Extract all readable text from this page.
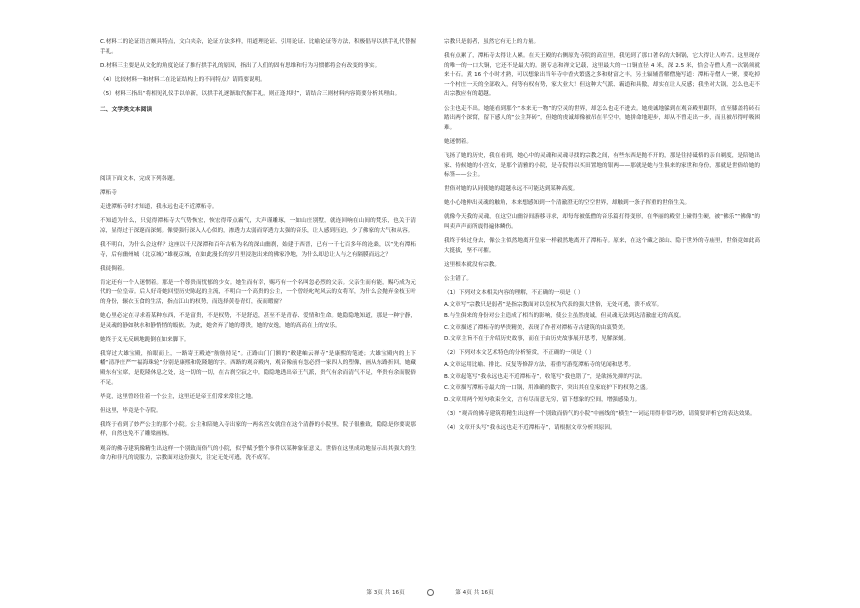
C.材料二的论证语言颇具特点，文白夹杂，论证方法多样，用道理论证、引用论证、比喻论证等方法，积极倡导以拱手礼代替握手礼。

D.材料三主要是从文化的角度论证了推行拱手礼的原因，指出了人们的固有思维和行为习惯都将会有改变的事实。

（4）比较材料一和材料二在论证结构上的不同特点？请简要说明。

（5）材料三指出“将相见礼仪手以单新，以拱手礼逐渐取代握手礼，则正逢其时”，请结合三则材料内容简要分析其理由。

二、文学类文本阅读

阅读下面文本，完成下列各题。

潭柘寺

走进潭柘寺时才知道，我永远也走不近潭柘寺。

不知道为什么，只觉得潭柘寺大气势恢宏，恢宏得带点霸气，大声谨雕琢，一如山庄别墅，就连回响在山间的梵乐，也关于清凉，显得过于深邃而深刻。像要强行深入人心似的，渗透力太弱而穿透力太强的音乐，让人感到压迫，少了佛家的大气和从容。

我不明白，为什么会这样？这座以千尺深潭和百年古柘为名的深山幽刹，始建于西晋，已有一千七百多年的沧桑，以“先有潭柘寺，后有幽州城（北京城）”雄视京城，在如此漫长的岁月里浸泡出来的佛家净地，为什么却总让人与之有隔膜而远之？

我徒倜着。

肯定还有一个人迷惘着。那是一个尊贵而忧郁的少女。她生而有幸，赐巧有一个名叫忽必烈的父亲。父亲生而有能，赐巧成为元代的一位皇帝。后人好奇她回望历史陈起的主流，不明白一个高贵的公主，一个曾经叱咤风云的女将军，为什么会抛弃金枝玉叶的身份，辗衣玉食的生活，指点江山的权势，而选择黄卷青灯，夜而暇窗？

她心里必定在寻求着某种东西，不是富贵，不是权势，不是舒适，甚至不是青春、爱情和生命。她隐隐地知道，那是一种宁静，是灵魂的静如秋水和静悄悄的皈依。为此，她舍弃了她的尊贵，她的安逸，她的高高在上的安乐。

她终于义无反顾地跪倒在如来脚下。

我穿过大雄宝殿，抬眼而上，一路寄王殿迹“舫舫持足”。正路山门门额的“敕建岫云禅寺”是康熙的笔迹；大雄宝殿内的上下幡“清净庄严”“福海珠轮”分别是康熙和乾隆题的字。西路的观音殿内，观音像前有忽必烈一家四人的塑像，画从东路折回，她藏殿东有宝席，是乾隆休息之处，这一切的一切，在古刹空寂之中，隐隐地透出帝王气派，贵气有余而清气不足，华贵有余而脱俗不足。

毕竟，这里曾经住着一个公主，这里还是帝王们常来常往之地。

但这里，毕竟是个寺院。

我终于看到了妙严公主的那个小院。公主和陪她入寺出家的一两名宫女就住在这个清静的小院里，院子很雅致，隐隐是你要说那样，自然也免不了雕梁画栋。

观音的佛寺建筑像精生出这样一个别致而俗气的小院，似乎赋予整个事件以某种象征意义。世俗在这里成功地显示出其强大的生命力和非凡的说服力，宗教面对这份强大，注定无处可逃，洗不成军。

宗教只是弱者，虽然它有无上的力量。

我有点累了，潭柘寺太得让人累。在天王殿的右侧原先寺院的高宣里，我见到了那口著名的大铜锅，它大得让人咋舌。这里现存的唯一的一口大铜，它还不是最大的。据专志和禅文记载，这里最大的一口铜直径 4 米，深 2.5 米，恰会寺僧人煮一次锅须就来十石。煮 16 个小时才熟，可以想象出当年寺中香火繁盛之多和财富之丰，另土辐辅普解僧施写道：潭柘寺僧人一聚，要吃掉一个村庄一天的全部收入，何等有权有势，家大业大！但这种大气派、霸道和具傲，却实在让人反感；我坐对大锅，怎么也走不出宗教应有的超越。

公主也走不出。她能看到那个“本来无一物”的空灵的世界，却怎么也走不进去。她虔诚地躲到在观音殿里跟拜，直至膝盖将砖石踏出两个深窝，留下感人的“公主拜砖”，但她的虔诚却像被吊在半空中，她拼命地迎步，却从不曾走出一步，而且被吊得呼吸困难。

她迷惘着。

飞扬了她的历史，我在看到，她心中的灵魂和灵魂寻找的宗教之间，有些东西是抛不开的，那是往持砥格的亲自剃度，是陪她出家、侍候她的小宫女，是那个清雅的小院，是寺院得以买田置地的银两——那就是她与生俱来的家世和身份，那就是世俗给她的标签——公主。

世俗对她的认同使她的超越永远不可能达到某种高度。

她小心地伸出灵魂的触角，本来想感知到一个清澈澄无的空空世界，却触到一条子挥重的世俗生关。

就像今天我的灵魂，在这空山幽谷间游移寻求，却每每被低僧的音乐篇打得变形，在华丽的殿堂上碰得生硬，被“佛乐”“佛像”的叫卖声声而所震得遍体鳞伤。

我终于转过身去，像公主似然地离开皇家一样毅然地离开了潭柘寺。原来，在这个藏之深山、隐于世外的寺庙里，世俗竟如此高大挺拔，坚不可摧。

这里根本就没有宗教。

公主错了。

（1）下列对文本相关内容的理解，不正确的一项是（ ）

A.文章写“宗教只是弱者”是指宗教面对以皇权为代表的强大世俗，无处可逃，溃不成军。

B.与生俱来的身份对公主造成了相当的影响，使公主虽然虔诚，但灵魂无法到达清澈虚无的高度。

C.文章描述了潭柘寺的华贵精美，表现了作者对潭柘寺古建筑的由衷赞美。

D.文章主旨不在于介绍历史故事，而在于由历史故事展开思考，见解深刻。

（2）下列对本文艺术特色的分析鉴赏，不正确的一项是（ ）

A.文章运用比喻、排比、反复等修辞方法，着重写游览潭柘寺的见闻和思考。

B.文章起笔写“我永远也走不近潭柘寺”，收笔写“我也错了”，是欲扬先抑的写法。

C.文章描写潭柘寺最大的一口锅，用准确的数字，突出其在皇家庇护下的权势之盛。

D.文章用两个短句收束全文，言有尽而意无穷，留下想象的空间，增强感染力。

（3）“观音的佛寺建筑将精生出这样一个别致而俗气的小院”中画线的“横生”一词运用得非常巧妙，请简要评析它的表达效果。

（4）文章开头写“我永远也走不近潭柘寺”，请根据文章分析其原因。

第 3页 共 16页	第 4页 共 16页
